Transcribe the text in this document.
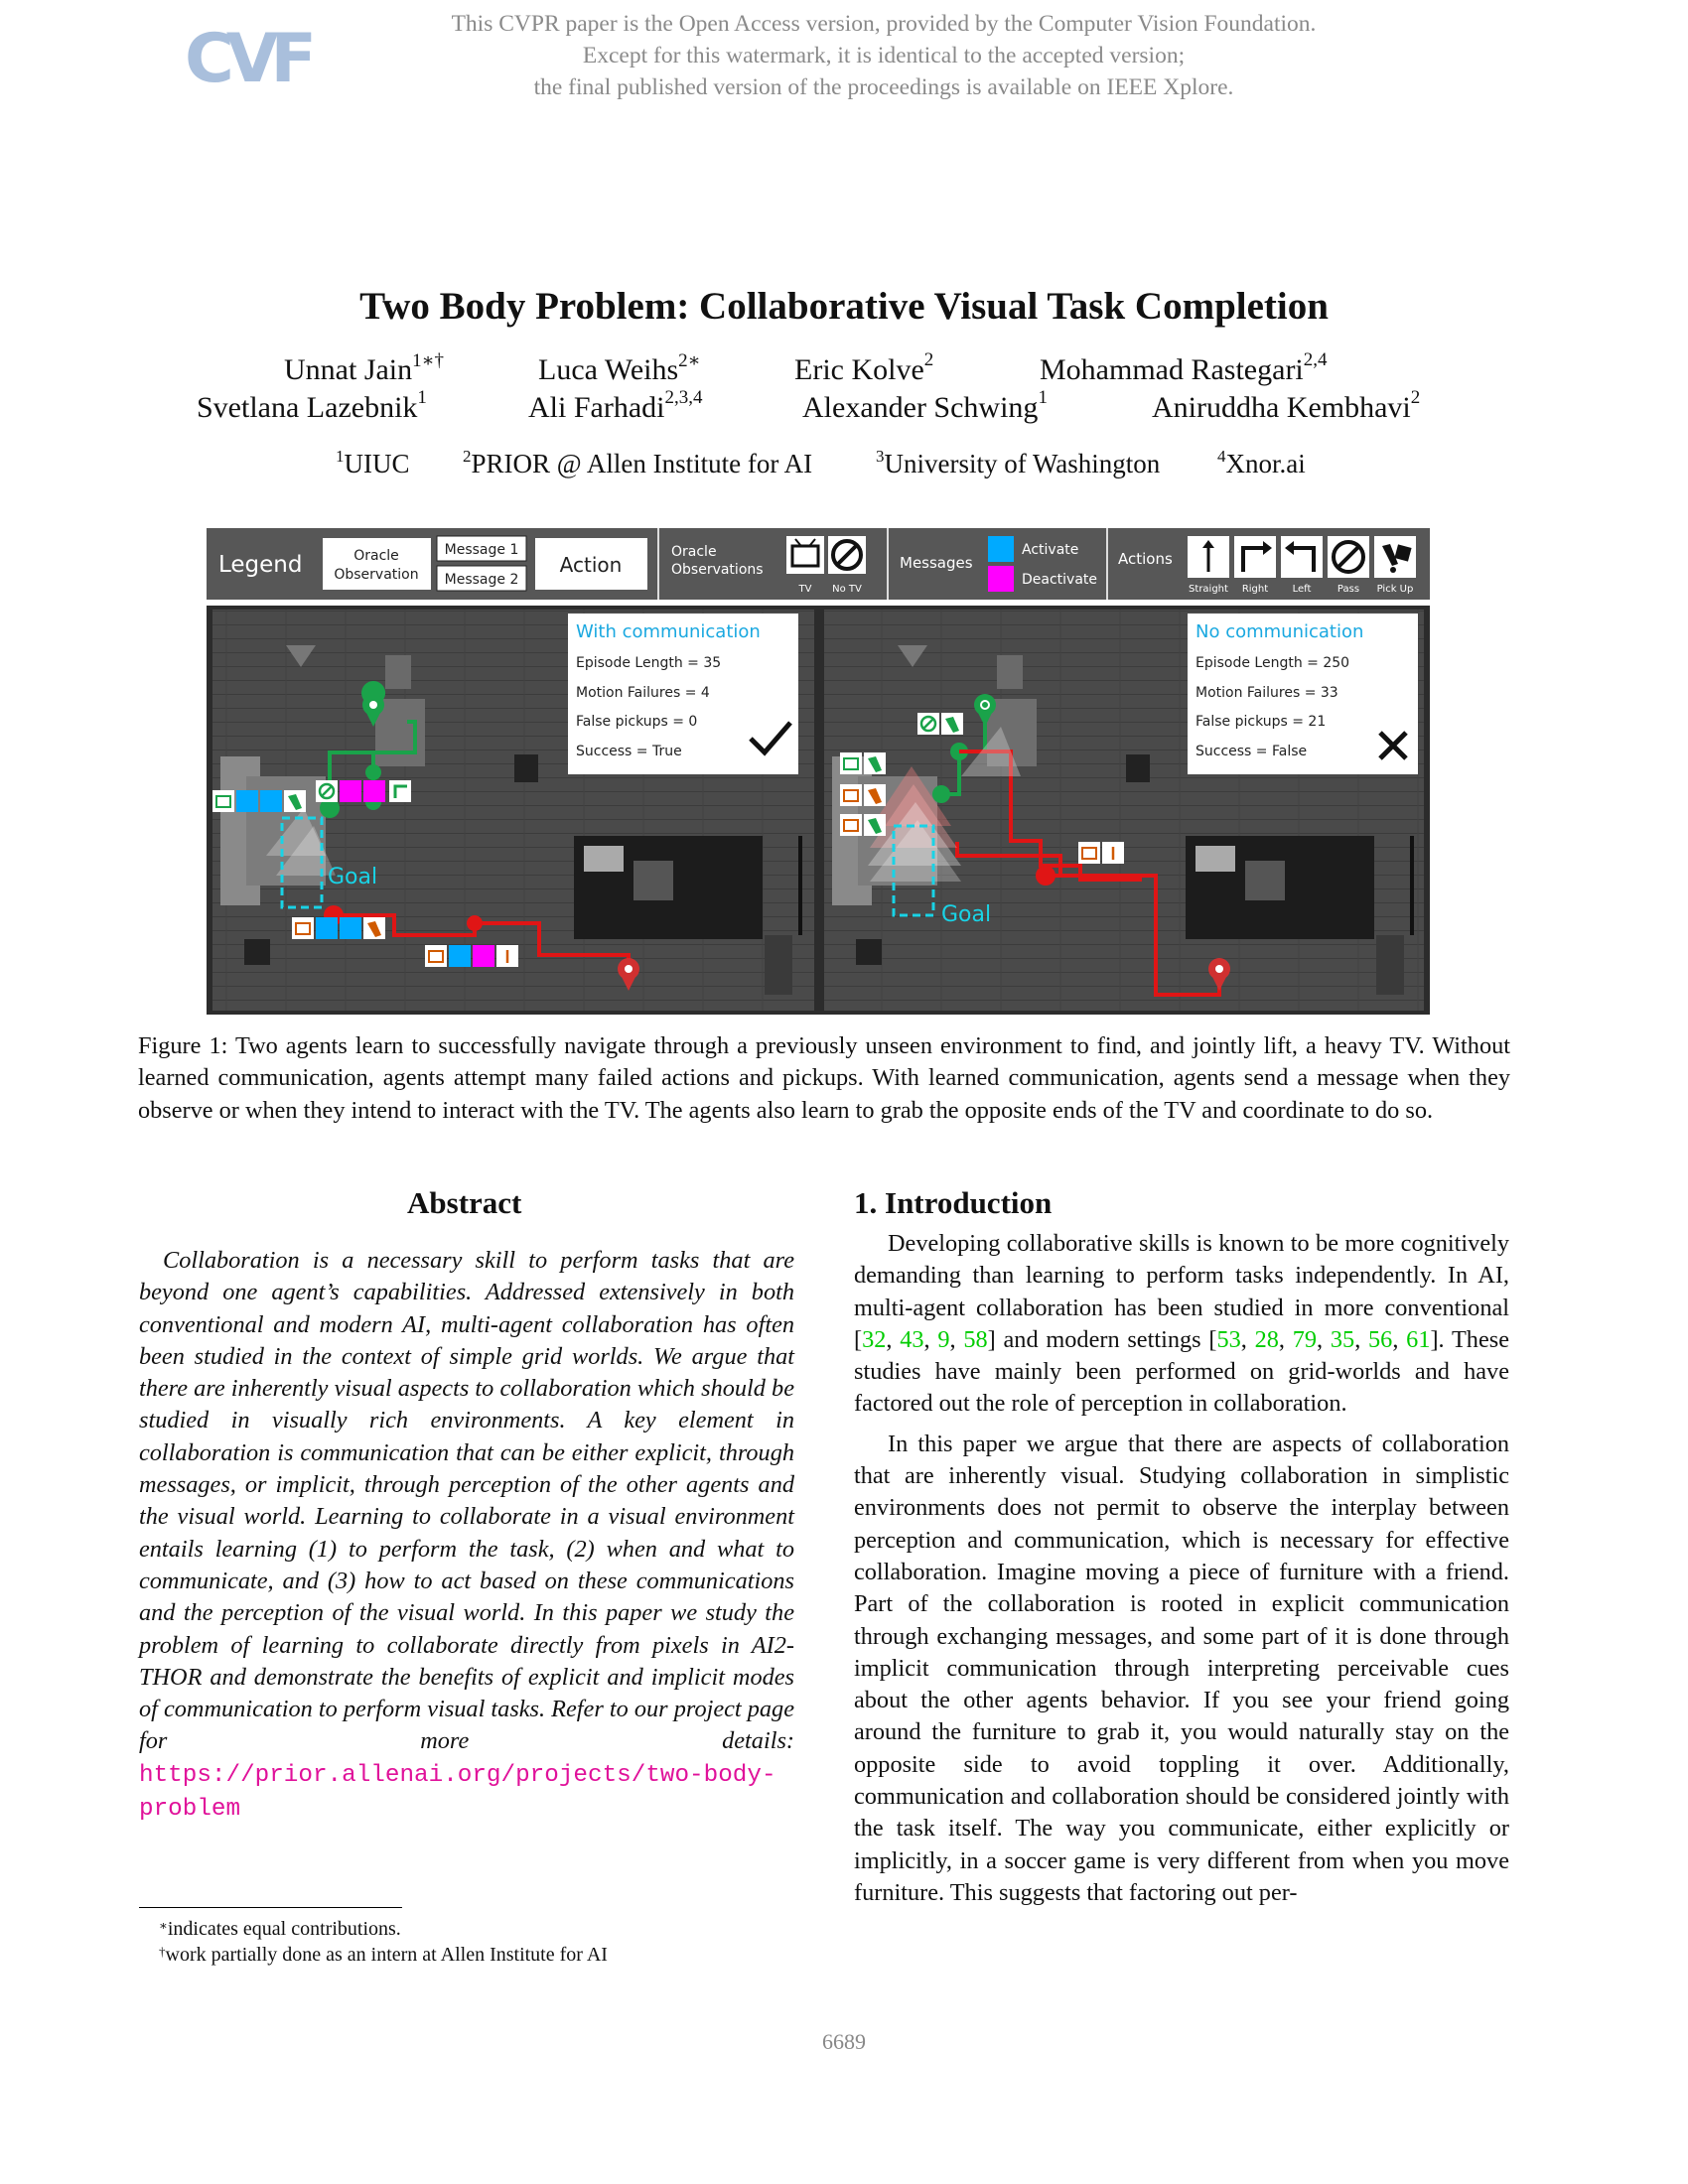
CVF	This CVPR paper is the Open Access version, provided by the Computer Vision Foundation.
Except for this watermark, it is identical to the accepted version;
the final published version of the proceedings is available on IEEE Xplore.
Two Body Problem: Collaborative Visual Task Completion
Unnat Jain$^{1∗\dagger}$	Luca Weihs$^{2∗}$	Eric Kolve$^2$	Mohammad Rastegari$^{2,4}$
Svetlana Lazebnik$^1$	Ali Farhadi$^{2,3,4}$	Alexander Schwing$^1$	Aniruddha Kembhavi$^2$
$^1$UIUC	$^2$PRIOR @ Allen Institute for AI	$^3$University of Washington	$^4$Xnor.ai
Legend	Oracle
Observation
Message 1
Message 2
Action
Oracle
Observations
TV No TV
Messages
Activate
Deactivate
Actions
Straight Right Left	Pass Pick Up
Goal
With communication
Episode Length = 35
Motion Failures = 4
False pickups = 0
Success = True
Goal
No communication
Episode Length = 250
Motion Failures = 33
False pickups = 21
Success = False
Figure 1: Two agents learn to successfully navigate through a previously unseen environment to find, and jointly lift, a heavy TV. Without learned communication, agents attempt many failed actions and pickups. With learned communication, agents send a message when they observe or when they intend to interact with the TV. The agents also learn to grab the opposite ends of the TV and coordinate to do so.
Abstract

Collaboration is a necessary skill to perform tasks that are beyond one agent’s capabilities. Addressed extensively in both conventional and modern AI, multi-agent collaboration has often been studied in the context of simple grid worlds. We argue that there are inherently visual aspects to collaboration which should be studied in visually rich environments. A key element in collaboration is communication that can be either explicit, through messages, or implicit, through perception of the other agents and the visual world. Learning to collaborate in a visual environment entails learning (1) to perform the task, (2) when and what to communicate, and (3) how to act based on these communications and the perception of the visual world. In this paper we study the problem of learning to collaborate directly from pixels in AI2-THOR and demonstrate the benefits of explicit and implicit modes of communication to perform visual tasks. Refer to our project page for more details: https://prior.allenai.org/projects/two-body-problem

∗indicates equal contributions.
†work partially done as an intern at Allen Institute for AI
1. Introduction

Developing collaborative skills is known to be more cognitively demanding than learning to perform tasks independently. In AI, multi-agent collaboration has been studied in more conventional [32, 43, 9, 58] and modern settings [53, 28, 79, 35, 56, 61]. These studies have mainly been performed on grid-worlds and have factored out the role of perception in collaboration.

In this paper we argue that there are aspects of collaboration that are inherently visual. Studying collaboration in simplistic environments does not permit to observe the interplay between perception and communication, which is necessary for effective collaboration. Imagine moving a piece of furniture with a friend. Part of the collaboration is rooted in explicit communication through exchanging messages, and some part of it is done through implicit communication through interpreting perceivable cues about the other agents behavior. If you see your friend going around the furniture to grab it, you would naturally stay on the opposite side to avoid toppling it over. Additionally, communication and collaboration should be considered jointly with the task itself. The way you communicate, either explicitly or implicitly, in a soccer game is very different from when you move furniture. This suggests that factoring out per-

6689
